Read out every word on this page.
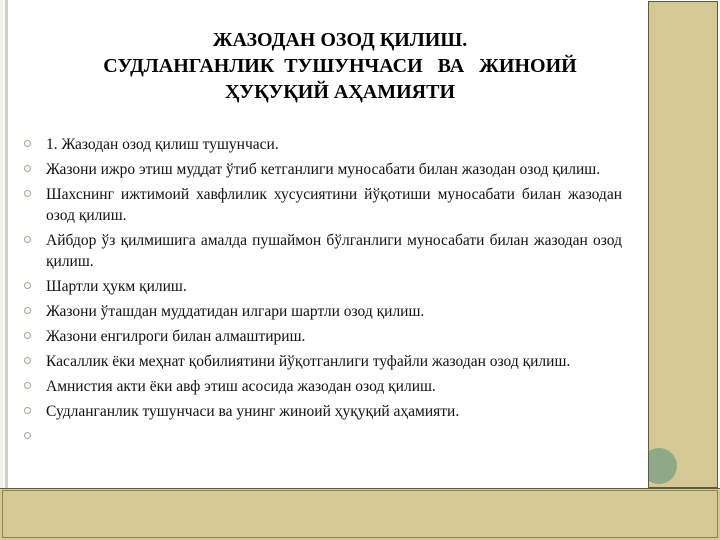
ЖАЗОДАН ОЗОД ҚИЛИШ.
СУДЛАНГАНЛИК  ТУШУНЧАСИ   ВА   ЖИНОИЙ
ҲУҚУҚИЙ АҲАМИЯТИ
1. Жазодан озод қилиш тушунчаси.
Жазони ижро этиш муддат ўтиб кетганлиги муносабати билан жазодан озод қилиш.
Шахснинг ижтимоий хавфлилик хусусиятини йўқотиши муносабати билан жазодан озод қилиш.
Айбдор ўз қилмишига амалда пушаймон бўлганлиги муносабати билан жазодан озод қилиш.
Шартли ҳукм қилиш.
Жазони ўташдан муддатидан илгари шартли озод қилиш.
Жазони енгилроги билан алмаштириш.
Касаллик ёки меҳнат қобилиятини йўқотганлиги туфайли жазодан озод қилиш.
Амнистия акти ёки авф этиш асосида жазодан озод қилиш.
Судланганлик тушунчаси ва унинг жиноий ҳуқуқий аҳамияти.
